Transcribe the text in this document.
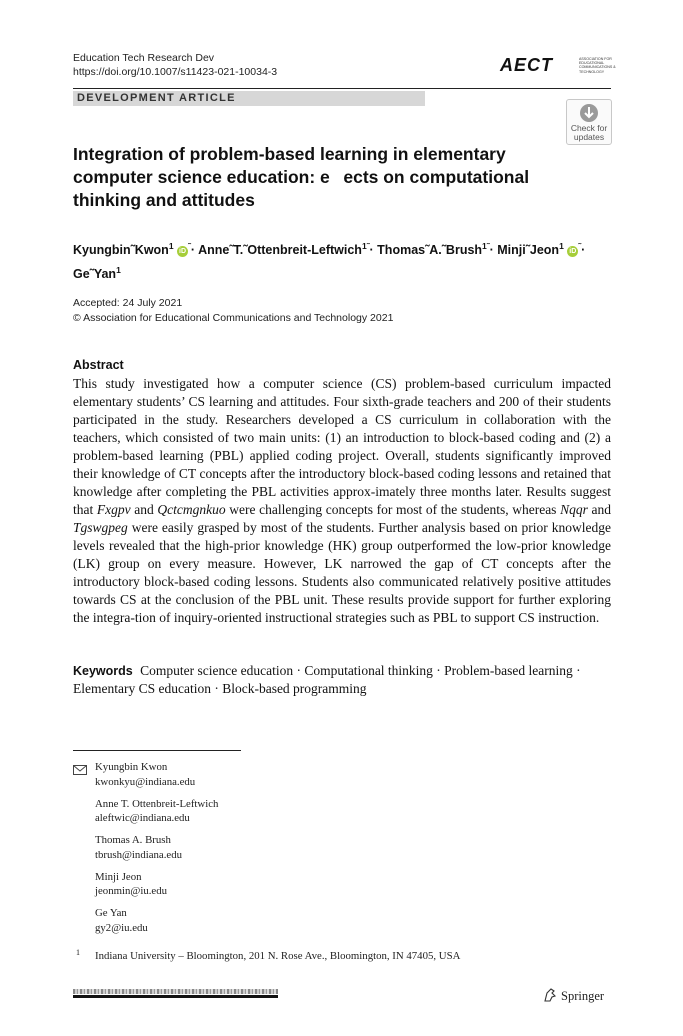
Education Tech Research Dev
https://doi.org/10.1007/s11423-021-10034-3	AECT	ASSOCIATION FOR EDUCATIONAL COMMUNICATIONS & TECHNOLOGY
DEVELOPMENT ARTICLE
Check for
updates
Integration of problem-based learning in elementary
computer science education: e  ects on computational
thinking and attitudes
Kyungbin˜Kwon$^1$ iD˜· Anne˜T.˜Ottenbreit-Leftwich$^{1˜}$· Thomas˜A.˜Brush$^{1˜}$· Minji˜Jeon$^1$ iD˜·
Ge˜Yan$^1$
Accepted: 24 July 2021
© Association for Educational Communications and Technology 2021
Abstract
This study investigated how a computer science (CS) problem-based curriculum impacted elementary students’ CS learning and attitudes. Four sixth-grade teachers and 200 of their students participated in the study. Researchers developed a CS curriculum in collaboration with the teachers, which consisted of two main units: (1) an introduction to block-based coding and (2) a problem-based learning (PBL) applied coding project. Overall, students significantly improved their knowledge of CT concepts after the introductory block-based coding lessons and retained that knowledge after completing the PBL activities approx-imately three months later. Results suggest that Fxgpv and Qctcmgnkuo were challenging concepts for most of the students, whereas Nqqr and Tgswgpeg were easily grasped by most of the students. Further analysis based on prior knowledge levels revealed that the high-prior knowledge (HK) group outperformed the low-prior knowledge (LK) group on every measure. However, LK narrowed the gap of CT concepts after the introductory block-based coding lessons. Students also communicated relatively positive attitudes towards CS at the conclusion of the PBL unit. These results provide support for further exploring the integra-tion of inquiry-oriented instructional strategies such as PBL to support CS instruction.
Keywords Computer science education · Computational thinking · Problem-based learning · Elementary CS education · Block-based programming
Kyungbin Kwon
kwonkyu@indiana.edu
Anne T. Ottenbreit-Leftwich
aleftwic@indiana.edu
Thomas A. Brush
tbrush@indiana.edu
Minji Jeon
jeonmin@iu.edu
Ge Yan
gy2@iu.edu
1 Indiana University – Bloomington, 201 N. Rose Ave., Bloomington, IN 47405, USA
Springer
